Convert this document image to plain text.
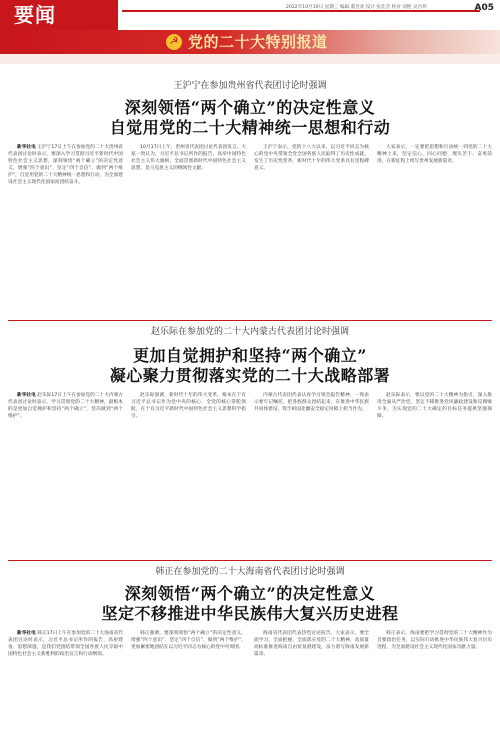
要闻	2022年10月19日 星期三 编辑 董昱欢 设计 张佳音 校对 刘艳 吴丹玥	A05
☭ 党的二十大特别报道
王沪宁在参加贵州省代表团讨论时强调
深刻领悟“两个确立”的决定性意义
自觉用党的二十大精神统一思想和行动

新华社电 王沪宁17日上午在参加党的二十大贵州省代表团讨论时表示，要深入学习贯彻习近平新时代中国特色社会主义思想，深刻领悟“两个确立”的决定性意义，增强“四个意识”、坚定“四个自信”、做到“两个维护”，自觉用党的二十大精神统一思想和行动，为全面建设社会主义现代化国家而团结奋斗。

10月17日上午，贵州省代表团讨论代表团发言。大家一致认为，习近平总书记所作的报告，高举中国特色社会主义伟大旗帜，全面贯彻新时代中国特色社会主义思想，是马克思主义的纲领性文献。

王沪宁表示，党的十八大以来，以习近平同志为核心的党中央带领全党全国各族人民取得了历史性成就、发生了历史性变革，新时代十年的伟大变革具有里程碑意义。

大家表示，一定要把思想和行动统一到党的二十大精神上来，坚定信心、同心同德，埋头苦干、奋勇前进，在新征程上续写贵州发展新篇章。

赵乐际在参加党的二十大内蒙古代表团讨论时强调
更加自觉拥护和坚持“两个确立”
凝心聚力贯彻落实党的二十大战略部署

新华社电 赵乐际17日上午在参加党的二十大内蒙古代表团讨论时表示，学习贯彻党的二十大精神，最根本的是更加自觉拥护和坚持“两个确立”，坚决做到“两个维护”。

赵乐际强调，新时代十年的伟大变革，根本在于有习近平总书记作为党中央的核心、全党的核心掌舵领航，在于有习近平新时代中国特色社会主义思想科学指引。

内蒙古代表团代表认真学习领会报告精神，一致表示要牢记嘱托，把各族群众团结起来，在推进中华民族共同体建设、筑牢祖国北疆安全稳定屏障上担当作为。

赵乐际表示，要以党的二十大精神为指引，深入推进全面从严治党，坚定不移推进党风廉政建设和反腐败斗争，为实现党的二十大确定的目标任务提供坚强保障。

韩正在参加党的二十大海南省代表团讨论时强调
深刻领悟“两个确立”的决定性意义
坚定不移推进中华民族伟大复兴历史进程

新华社电 韩正17日上午在参加党的二十大海南省代表团讨论时表示，习近平总书记所作的报告，高屋建瓴、思想深邃，是我们党团结带领全国各族人民夺取中国特色社会主义新胜利的政治宣言和行动纲领。

韩正强调，要深刻领悟“两个确立”的决定性意义，增强“四个意识”、坚定“四个自信”、做到“两个维护”，更加紧密地团结在以习近平同志为核心的党中央周围。

海南省代表团代表热烈讨论报告。大家表示，要全面学习、全面把握、全面落实党的二十大精神，高质量高标准推进海南自由贸易港建设，奋力谱写海南发展新篇章。

韩正表示，海南要把学习贯彻党的二十大精神作为首要政治任务，以实际行动推进中华民族伟大复兴历史进程，为全面建设社会主义现代化国家贡献力量。
